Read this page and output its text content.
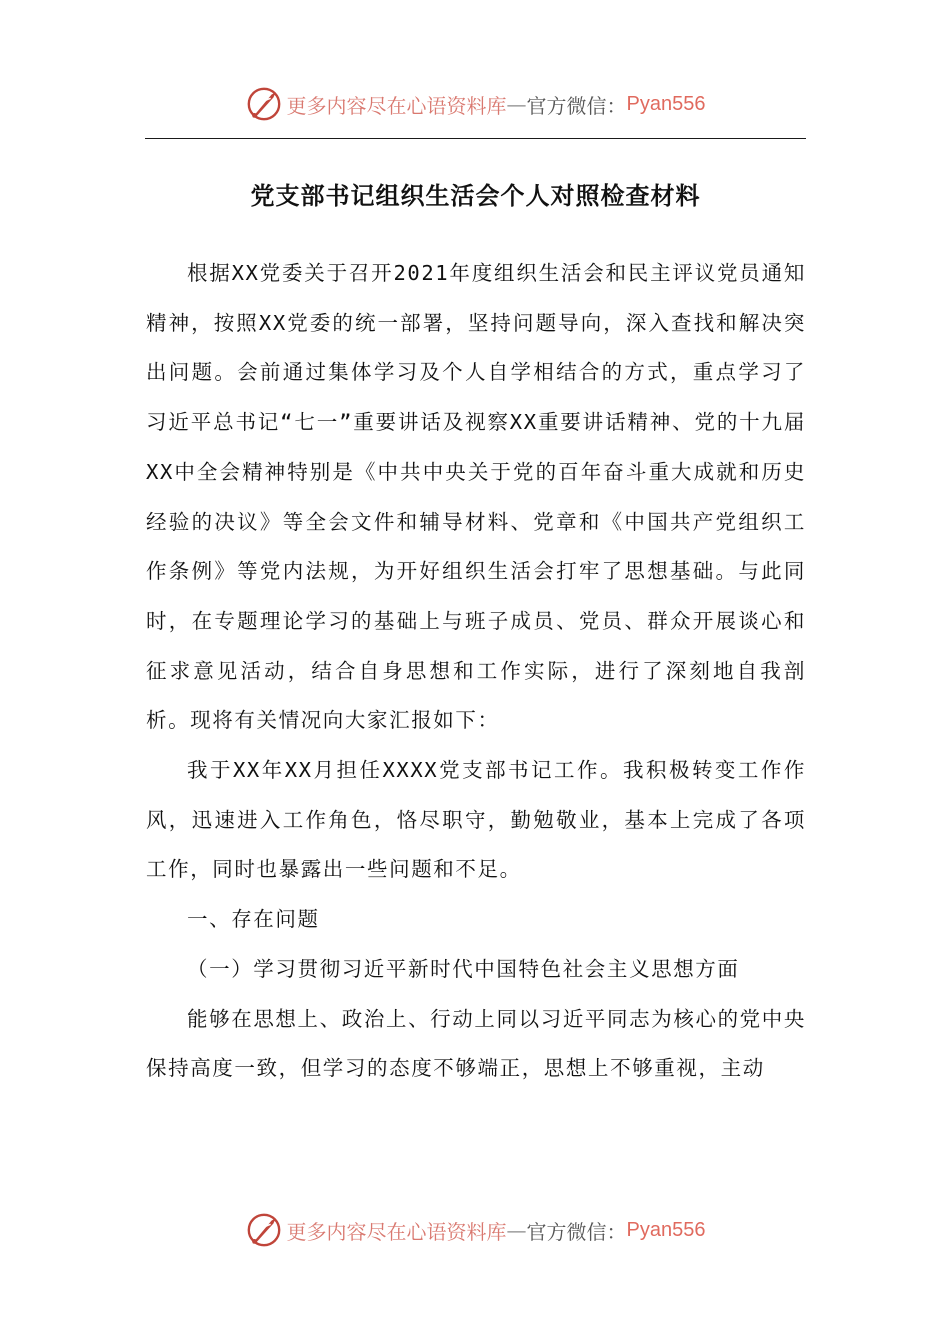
更多内容尽在心语资料库 — 官方微信： Pyan556
党支部书记组织生活会个人对照检查材料

根据XX党委关于召开2021年度组织生活会和民主评议党员通知精神，按照XX党委的统一部署，坚持问题导向，深入查找和解决突出问题。会前通过集体学习及个人自学相结合的方式，重点学习了习近平总书记“七一”重要讲话及视察XX重要讲话精神、党的十九届XX中全会精神特别是《中共中央关于党的百年奋斗重大成就和历史经验的决议》等全会文件和辅导材料、党章和《中国共产党组织工作条例》等党内法规，为开好组织生活会打牢了思想基础。与此同时，在专题理论学习的基础上与班子成员、党员、群众开展谈心和征求意见活动，结合自身思想和工作实际，进行了深刻地自我剖析。现将有关情况向大家汇报如下：

我于XX年XX月担任XXXX党支部书记工作。我积极转变工作作风，迅速进入工作角色，恪尽职守，勤勉敬业，基本上完成了各项工作，同时也暴露出一些问题和不足。

一、存在问题

（一）学习贯彻习近平新时代中国特色社会主义思想方面

能够在思想上、政治上、行动上同以习近平同志为核心的党中央保持高度一致，但学习的态度不够端正，思想上不够重视，主动

更多内容尽在心语资料库 — 官方微信： Pyan556
